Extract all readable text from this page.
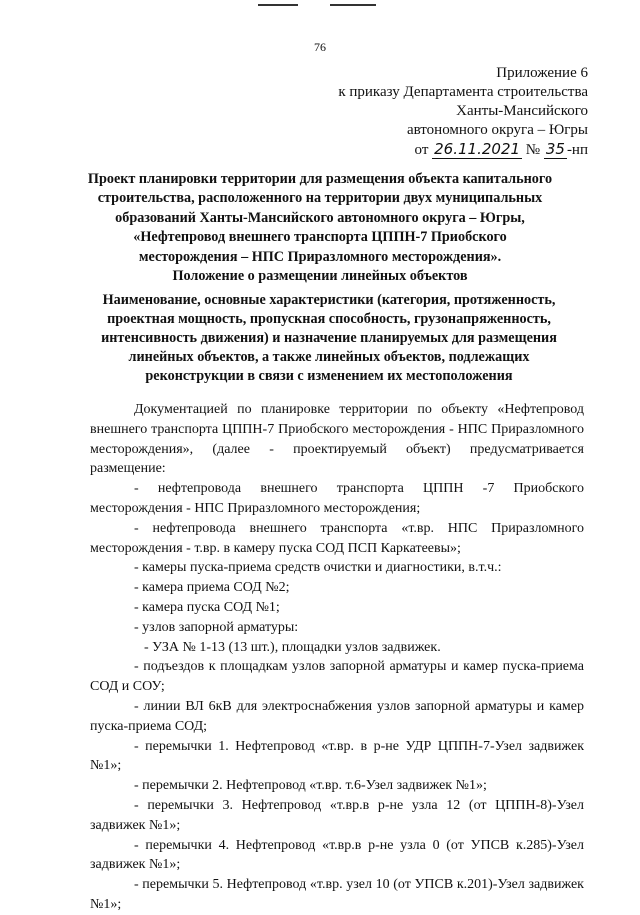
76
Приложение 6
к приказу Департамента строительства
Ханты-Мансийского
автономного округа – Югры
от 26.11.2021 № 35 -нп
Проект планировки территории для размещения объекта капитального
строительства, расположенного на территории двух муниципальных
образований Ханты-Мансийского автономного округа – Югры,
«Нефтепровод внешнего транспорта ЦППН-7 Приобского
месторождения – НПС Приразломного месторождения».
Положение о размещении линейных объектов
Наименование, основные характеристики (категория, протяженность,
проектная мощность, пропускная способность, грузонапряженность,
интенсивность движения) и назначение планируемых для размещения
линейных объектов, а также линейных объектов, подлежащих
реконструкции в связи с изменением их местоположения

Документацией по планировке территории по объекту «Нефтепровод внешнего транспорта ЦППН-7 Приобского месторождения - НПС Приразломного месторождения», (далее - проектируемый объект) предусматривается размещение:

- нефтепровода внешнего транспорта ЦППН -7 Приобского месторождения - НПС Приразломного месторождения;

- нефтепровода внешнего транспорта «т.вр. НПС Приразломного месторождения - т.вр. в камеру пуска СОД ПСП Каркатеевы»;

- камеры пуска-приема средств очистки и диагностики, в.т.ч.:

- камера приема СОД №2;

- камера пуска СОД №1;

- узлов запорной арматуры:

- УЗА № 1-13 (13 шт.), площадки узлов задвижек.

- подъездов к площадкам узлов запорной арматуры и камер пуска-приема СОД и СОУ;

- линии ВЛ 6кВ для электроснабжения узлов запорной арматуры и камер пуска-приема СОД;

- перемычки 1. Нефтепровод «т.вр. в р-не УДР ЦППН-7-Узел задвижек №1»;

- перемычки 2. Нефтепровод «т.вр. т.6-Узел задвижек №1»;

- перемычки 3. Нефтепровод «т.вр.в р-не узла 12 (от ЦППН-8)-Узел задвижек №1»;

- перемычки 4. Нефтепровод «т.вр.в р-не узла 0 (от УПСВ к.285)-Узел задвижек №1»;

- перемычки 5. Нефтепровод «т.вр. узел 10 (от УПСВ к.201)-Узел задвижек №1»;
